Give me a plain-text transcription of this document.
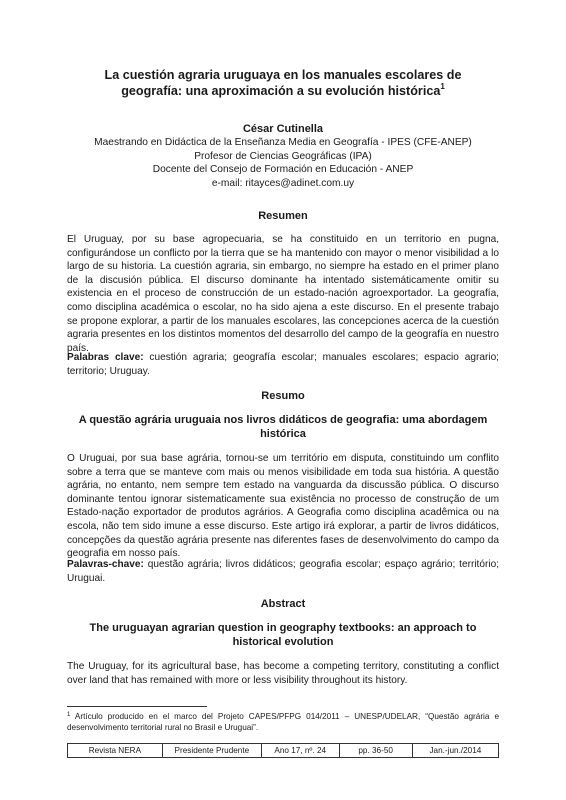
La cuestión agraria uruguaya en los manuales escolares de
geografía: una aproximación a su evolución histórica$^1$
César Cutinella
Maestrando en Didáctica de la Enseñanza Media en Geografía - IPES (CFE-ANEP)
Profesor de Ciencias Geográficas (IPA)
Docente del Consejo de Formación en Educación - ANEP
e-mail: ritayces@adinet.com.uy
Resumen
El Uruguay, por su base agropecuaria, se ha constituido en un territorio en pugna, configurándose un conflicto por la tierra que se ha mantenido con mayor o menor visibilidad a lo largo de su historia. La cuestión agraria, sin embargo, no siempre ha estado en el primer plano de la discusión pública. El discurso dominante ha intentado sistemáticamente omitir su existencia en el proceso de construcción de un estado-nación agroexportador. La geografía, como disciplina académica o escolar, no ha sido ajena a este discurso. En el presente trabajo se propone explorar, a partir de los manuales escolares, las concepciones acerca de la cuestión agraria presentes en los distintos momentos del desarrollo del campo de la geografía en nuestro país.
Palabras clave: cuestión agraria; geografía escolar; manuales escolares; espacio agrario; territorio; Uruguay.
Resumo
A questão agrária uruguaia nos livros didáticos de geografia: uma abordagem histórica
O Uruguai, por sua base agrária, tornou-se um território em disputa, constituindo um conflito sobre a terra que se manteve com mais ou menos visibilidade em toda sua história. A questão agrária, no entanto, nem sempre tem estado na vanguarda da discussão pública. O discurso dominante tentou ignorar sistematicamente sua existência no processo de construção de um Estado-nação exportador de produtos agrários. A Geografia como disciplina acadêmica ou na escola, não tem sido imune a esse discurso. Este artigo irá explorar, a partir de livros didáticos, concepções da questão agrária presente nas diferentes fases de desenvolvimento do campo da geografia em nosso país.
Palavras-chave: questão agrária; livros didáticos; geografia escolar; espaço agrário; território; Uruguai.
Abstract
The uruguayan agrarian question in geography textbooks: an approach to historical evolution
The Uruguay, for its agricultural base, has become a competing territory, constituting a conflict over land that has remained with more or less visibility throughout its history.
$^1$ Artículo producido en el marco del Projeto CAPES/PFPG 014/2011 – UNESP/UDELAR, “Questão agrária e desenvolvimento territorial rural no Brasil e Uruguai”.
Revista NERA	Presidente Prudente	Ano 17, nº. 24	pp. 36-50	Jan.-jun./2014
